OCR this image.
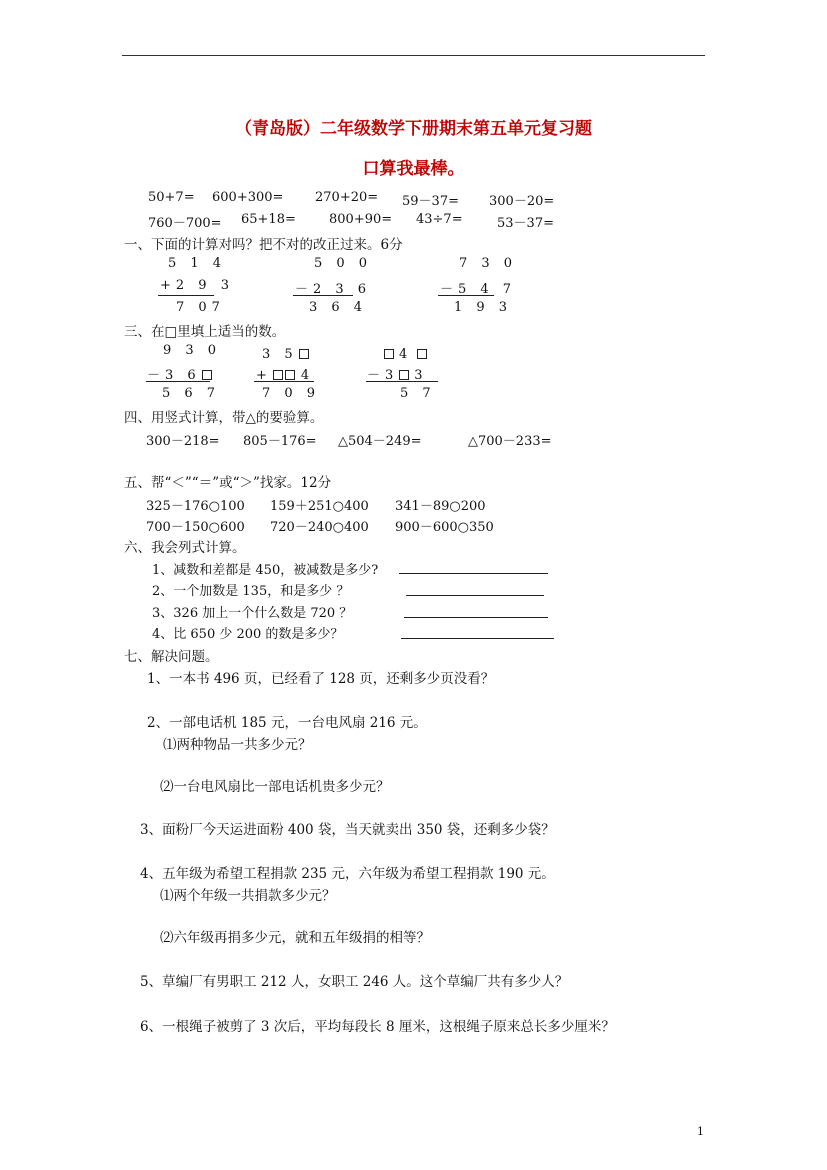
（青岛版）二年级数学下册期末第五单元复习题
口算我最棒。
50+7= 600+300= 270+20= 59－37= 300－20=
760－700= 65+18=	800+90= 43÷7=	53－37=
一、下面的计算对吗？把不对的改正过来。6分
5 1 4
+2 9 3
7 07
5 0 0
－2 3 6
3 6 4
7 3 0
－5 4 7
1 9 3
三、在□里填上适当的数。
9 3 0
－3 6
5 6 7
3 5
+ 4
7 0 9
4
－3 3
5 7
四、用竖式计算，带△的要验算。
300－218= 805－176= △504－249=	△700－233=
五、帮“＜”“＝”或“＞”找家。12分
325－176○100 159＋251○400 341－89○200
700－150○600 720－240○400 900－600○350
六、我会列式计算。
1、减数和差都是 450，被减数是多少?
2、一个加数是 135，和是多少 ？
3、326 加上一个什么数是 720 ？
4、比 650 少 200 的数是多少？
七、解决问题。
1、一本书 496 页，已经看了 128 页，还剩多少页没看？
2、一部电话机 185 元，一台电风扇 216 元。
⑴两种物品一共多少元？
⑵一台电风扇比一部电话机贵多少元？
3、面粉厂今天运进面粉 400 袋，当天就卖出 350 袋，还剩多少袋？
4、五年级为希望工程捐款 235 元，六年级为希望工程捐款 190 元。
⑴两个年级一共捐款多少元？
⑵六年级再捐多少元，就和五年级捐的相等？
5、草编厂有男职工 212 人，女职工 246 人。这个草编厂共有多少人？
6、一根绳子被剪了 3 次后，平均每段长 8 厘米，这根绳子原来总长多少厘米？
1
